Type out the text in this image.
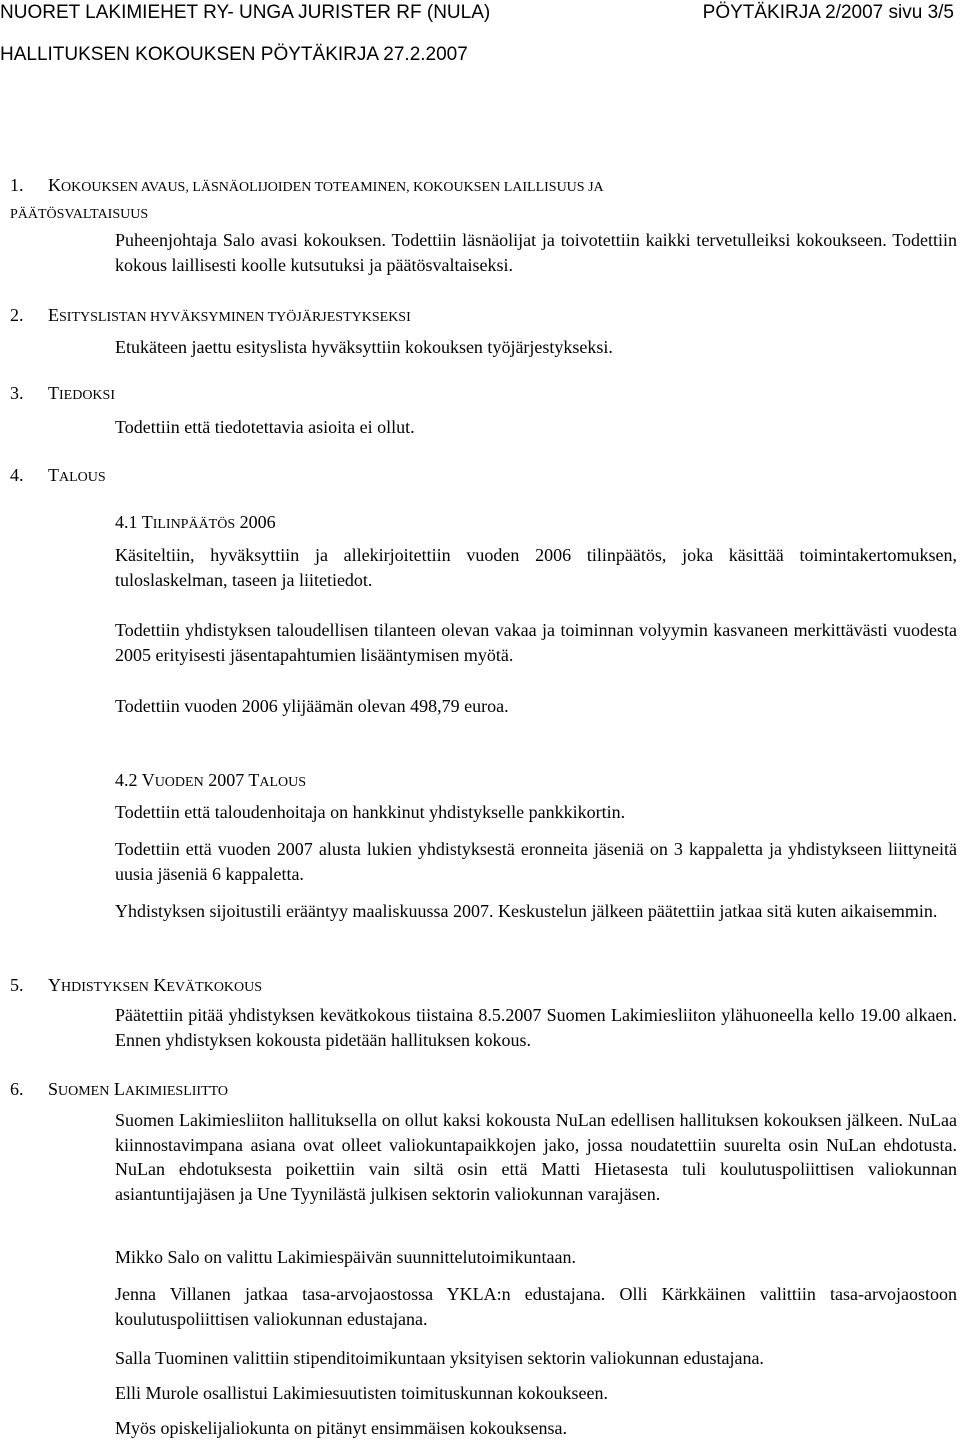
NUORET LAKIMIEHET RY- UNGA JURISTER RF (NULA)	PÖYTÄKIRJA 2/2007 sivu 3/5
HALLITUKSEN KOKOUKSEN PÖYTÄKIRJA 27.2.2007
1. KOKOUKSEN AVAUS, LÄSNÄOLIJOIDEN TOTEAMINEN, KOKOUKSEN LAILLISUUS JA
PÄÄTÖSVALTAISUUS
Puheenjohtaja Salo avasi kokouksen. Todettiin läsnäolijat ja toivotettiin kaikki tervetulleiksi kokoukseen. Todettiin kokous laillisesti koolle kutsutuksi ja päätösvaltaiseksi.
2. ESITYSLISTAN HYVÄKSYMINEN TYÖJÄRJESTYKSEKSI
Etukäteen jaettu esityslista hyväksyttiin kokouksen työjärjestykseksi.
3. TIEDOKSI
Todettiin että tiedotettavia asioita ei ollut.
4. TALOUS
4.1 TILINPÄÄTÖS 2006
Käsiteltiin, hyväksyttiin ja allekirjoitettiin vuoden 2006 tilinpäätös, joka käsittää toimintakertomuksen, tuloslaskelman, taseen ja liitetiedot.
Todettiin yhdistyksen taloudellisen tilanteen olevan vakaa ja toiminnan volyymin kasvaneen merkittävästi vuodesta 2005 erityisesti jäsentapahtumien lisääntymisen myötä.
Todettiin vuoden 2006 ylijäämän olevan 498,79 euroa.
4.2 VUODEN 2007 TALOUS
Todettiin että taloudenhoitaja on hankkinut yhdistykselle pankkikortin.
Todettiin että vuoden 2007 alusta lukien yhdistyksestä eronneita jäseniä on 3 kappaletta ja yhdistykseen liittyneitä uusia jäseniä 6 kappaletta.
Yhdistyksen sijoitustili erääntyy maaliskuussa 2007. Keskustelun jälkeen päätettiin jatkaa sitä kuten aikaisemmin.
5. YHDISTYKSEN KEVÄTKOKOUS
Päätettiin pitää yhdistyksen kevätkokous tiistaina 8.5.2007 Suomen Lakimiesliiton ylähuoneella kello 19.00 alkaen. Ennen yhdistyksen kokousta pidetään hallituksen kokous.
6. SUOMEN LAKIMIESLIITTO
Suomen Lakimiesliiton hallituksella on ollut kaksi kokousta NuLan edellisen hallituksen kokouksen jälkeen. NuLaa kiinnostavimpana asiana ovat olleet valiokuntapaikkojen jako, jossa noudatettiin suurelta osin NuLan ehdotusta. NuLan ehdotuksesta poikettiin vain siltä osin että Matti Hietasesta tuli koulutuspoliittisen valiokunnan asiantuntijajäsen ja Une Tyynilästä julkisen sektorin valiokunnan varajäsen.
Mikko Salo on valittu Lakimiespäivän suunnittelutoimikuntaan.
Jenna Villanen jatkaa tasa-arvojaostossa YKLA:n edustajana. Olli Kärkkäinen valittiin tasa-arvojaostoon koulutuspoliittisen valiokunnan edustajana.
Salla Tuominen valittiin stipenditoimikuntaan yksityisen sektorin valiokunnan edustajana.
Elli Murole osallistui Lakimiesuutisten toimituskunnan kokoukseen.
Myös opiskelijaliokunta on pitänyt ensimmäisen kokouksensa.
